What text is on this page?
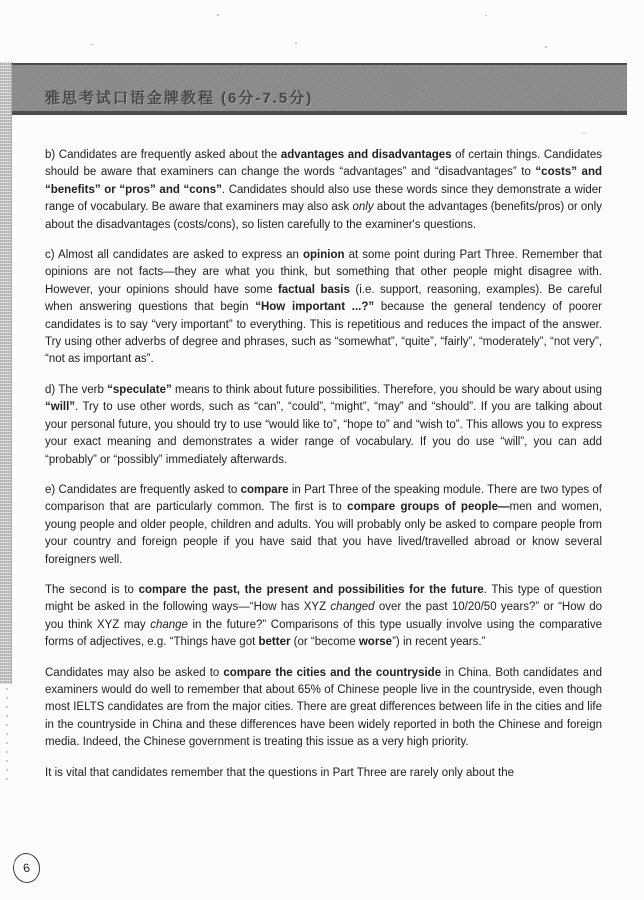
雅思考试口语金牌教程 (6分-7.5分)

b) Candidates are frequently asked about the advantages and disadvantages of certain things. Candidates should be aware that examiners can change the words “advantages” and “disadvantages” to “costs” and “benefits” or “pros” and “cons”. Candidates should also use these words since they demonstrate a wider range of vocabulary. Be aware that examiners may also ask only about the advantages (benefits/pros) or only about the disadvantages (costs/cons), so listen carefully to the examiner's questions.

c) Almost all candidates are asked to express an opinion at some point during Part Three. Remember that opinions are not facts—they are what you think, but something that other people might disagree with. However, your opinions should have some factual basis (i.e. support, reasoning, examples). Be careful when answering questions that begin “How important ...?” because the general tendency of poorer candidates is to say “very important” to everything. This is repetitious and reduces the impact of the answer. Try using other adverbs of degree and phrases, such as “somewhat”, “quite”, “fairly”, “moderately”, “not very”, “not as important as”.

d) The verb “speculate” means to think about future possibilities. Therefore, you should be wary about using “will”. Try to use other words, such as “can”, “could”, “might”, “may” and “should”. If you are talking about your personal future, you should try to use “would like to”, “hope to” and “wish to”. This allows you to express your exact meaning and demonstrates a wider range of vocabulary. If you do use “will”, you can add “probably” or “possibly” immediately afterwards.

e) Candidates are frequently asked to compare in Part Three of the speaking module. There are two types of comparison that are particularly common. The first is to compare groups of people—men and women, young people and older people, children and adults. You will probably only be asked to compare people from your country and foreign people if you have said that you have lived/travelled abroad or know several foreigners well.

The second is to compare the past, the present and possibilities for the future. This type of question might be asked in the following ways—“How has XYZ changed over the past 10/20/50 years?” or “How do you think XYZ may change in the future?” Comparisons of this type usually involve using the comparative forms of adjectives, e.g. “Things have got better (or “become worse”) in recent years.”

Candidates may also be asked to compare the cities and the countryside in China. Both candidates and examiners would do well to remember that about 65% of Chinese people live in the countryside, even though most IELTS candidates are from the major cities. There are great differences between life in the cities and life in the countryside in China and these differences have been widely reported in both the Chinese and foreign media. Indeed, the Chinese government is treating this issue as a very high priority.

It is vital that candidates remember that the questions in Part Three are rarely only about the

6
